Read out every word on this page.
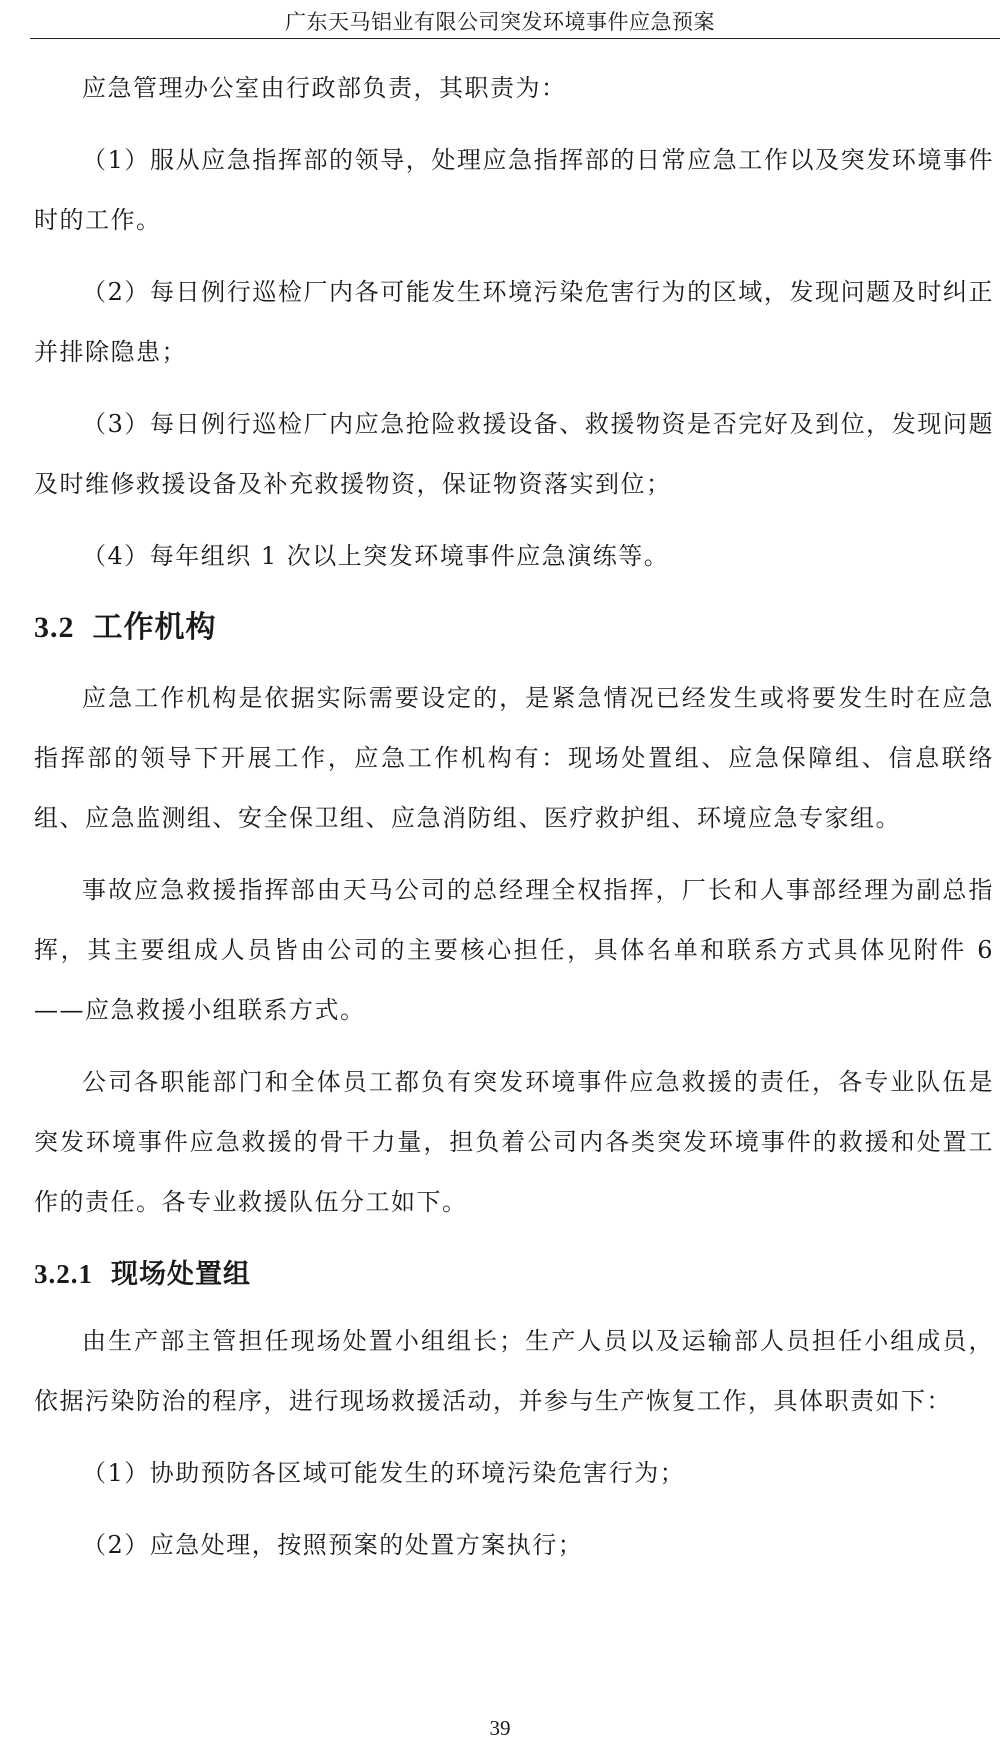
广东天马铝业有限公司突发环境事件应急预案

应急管理办公室由行政部负责，其职责为：

（1）服从应急指挥部的领导，处理应急指挥部的日常应急工作以及突发环境事件时的工作。

（2）每日例行巡检厂内各可能发生环境污染危害行为的区域，发现问题及时纠正并排除隐患；

（3）每日例行巡检厂内应急抢险救援设备、救援物资是否完好及到位，发现问题及时维修救援设备及补充救援物资，保证物资落实到位；

（4）每年组织 1 次以上突发环境事件应急演练等。

3.2 工作机构

应急工作机构是依据实际需要设定的，是紧急情况已经发生或将要发生时在应急指挥部的领导下开展工作，应急工作机构有：现场处置组、应急保障组、信息联络组、应急监测组、安全保卫组、应急消防组、医疗救护组、环境应急专家组。

事故应急救援指挥部由天马公司的总经理全权指挥，厂长和人事部经理为副总指挥，其主要组成人员皆由公司的主要核心担任，具体名单和联系方式具体见附件 6——应急救援小组联系方式。

公司各职能部门和全体员工都负有突发环境事件应急救援的责任，各专业队伍是突发环境事件应急救援的骨干力量，担负着公司内各类突发环境事件的救援和处置工作的责任。各专业救援队伍分工如下。

3.2.1 现场处置组

由生产部主管担任现场处置小组组长；生产人员以及运输部人员担任小组成员，依据污染防治的程序，进行现场救援活动，并参与生产恢复工作，具体职责如下：

（1）协助预防各区域可能发生的环境污染危害行为；

（2）应急处理，按照预案的处置方案执行；

39
